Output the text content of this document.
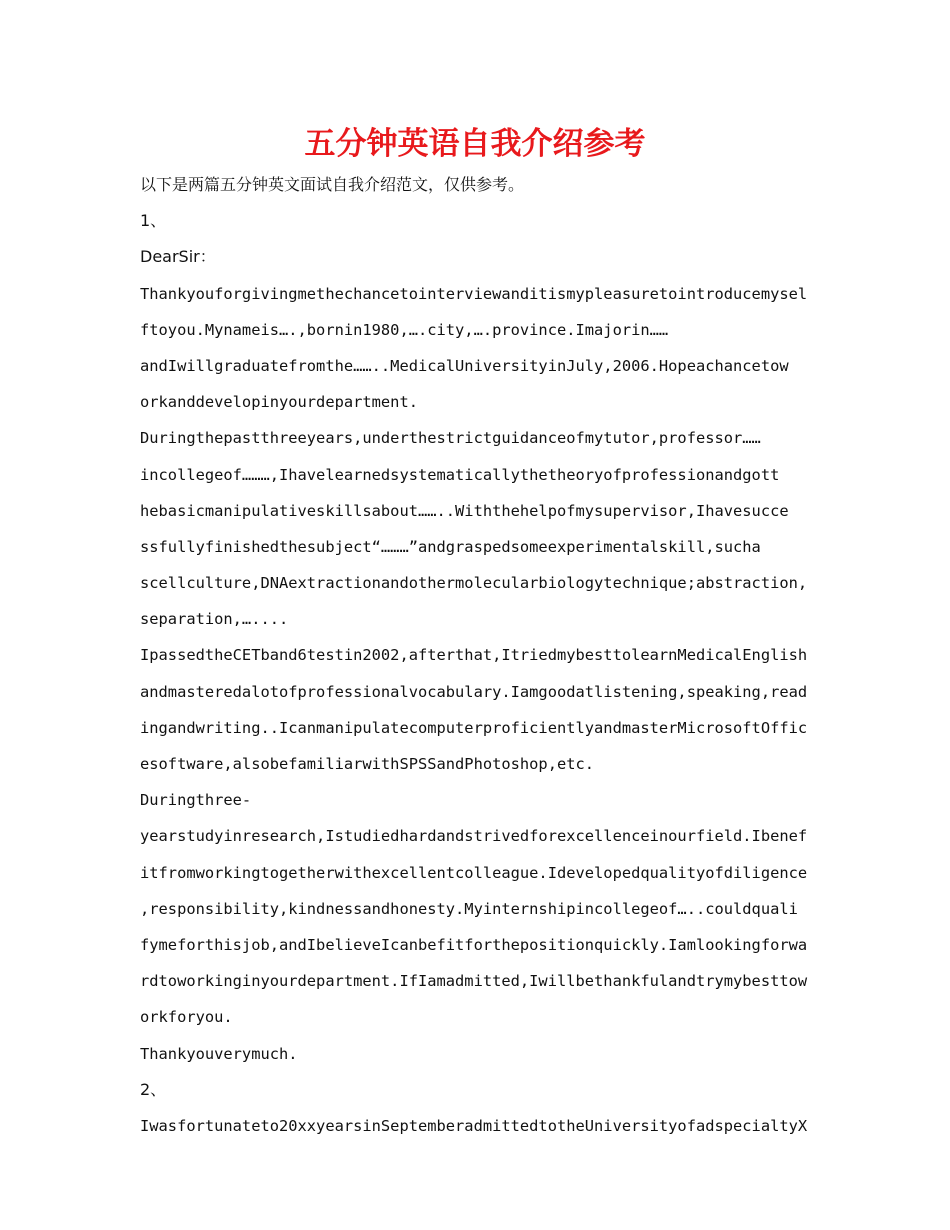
五分钟英语自我介绍参考

以下是两篇五分钟英文面试自我介绍范文，仅供参考。

1、

DearSir：

Thankyouforgivingmethechancetointerviewanditismypleasuretointroducemysel

ftoyou.Mynameis….,bornin1980,….city,….province.Imajorin……

andIwillgraduatefromthe……..MedicalUniversityinJuly,2006.Hopeachancetow

orkanddevelopinyourdepartment.

Duringthepastthreeyears,underthestrictguidanceofmytutor,professor……

incollegeof………,Ihavelearnedsystematicallythetheoryofprofessionandgott

hebasicmanipulativeskillsabout……..Withthehelpofmysupervisor,Ihavesucce

ssfullyfinishedthesubject“………”andgraspedsomeexperimentalskill,sucha

scellculture,DNAextractionandothermolecularbiologytechnique;abstraction,

separation,…....

IpassedtheCETband6testin2002,afterthat,ItriedmybesttolearnMedicalEnglish

andmasteredalotofprofessionalvocabulary.Iamgoodatlistening,speaking,read

ingandwriting..IcanmanipulatecomputerproficientlyandmasterMicrosoftOffic

esoftware,alsobefamiliarwithSPSSandPhotoshop,etc.

Duringthree-

yearstudyinresearch,Istudiedhardandstrivedforexcellenceinourfield.Ibenef

itfromworkingtogetherwithexcellentcolleague.Idevelopedqualityofdiligence

,responsibility,kindnessandhonesty.Myinternshipincollegeof…..couldquali

fymeforthisjob,andIbelieveIcanbefitforthepositionquickly.Iamlookingforwa

rdtoworkinginyourdepartment.IfIamadmitted,Iwillbethankfulandtrymybesttow

orkforyou.

Thankyouverymuch.

2、

Iwasfortunateto20xxyearsinSeptemberadmittedtotheUniversityofadspecialtyX
